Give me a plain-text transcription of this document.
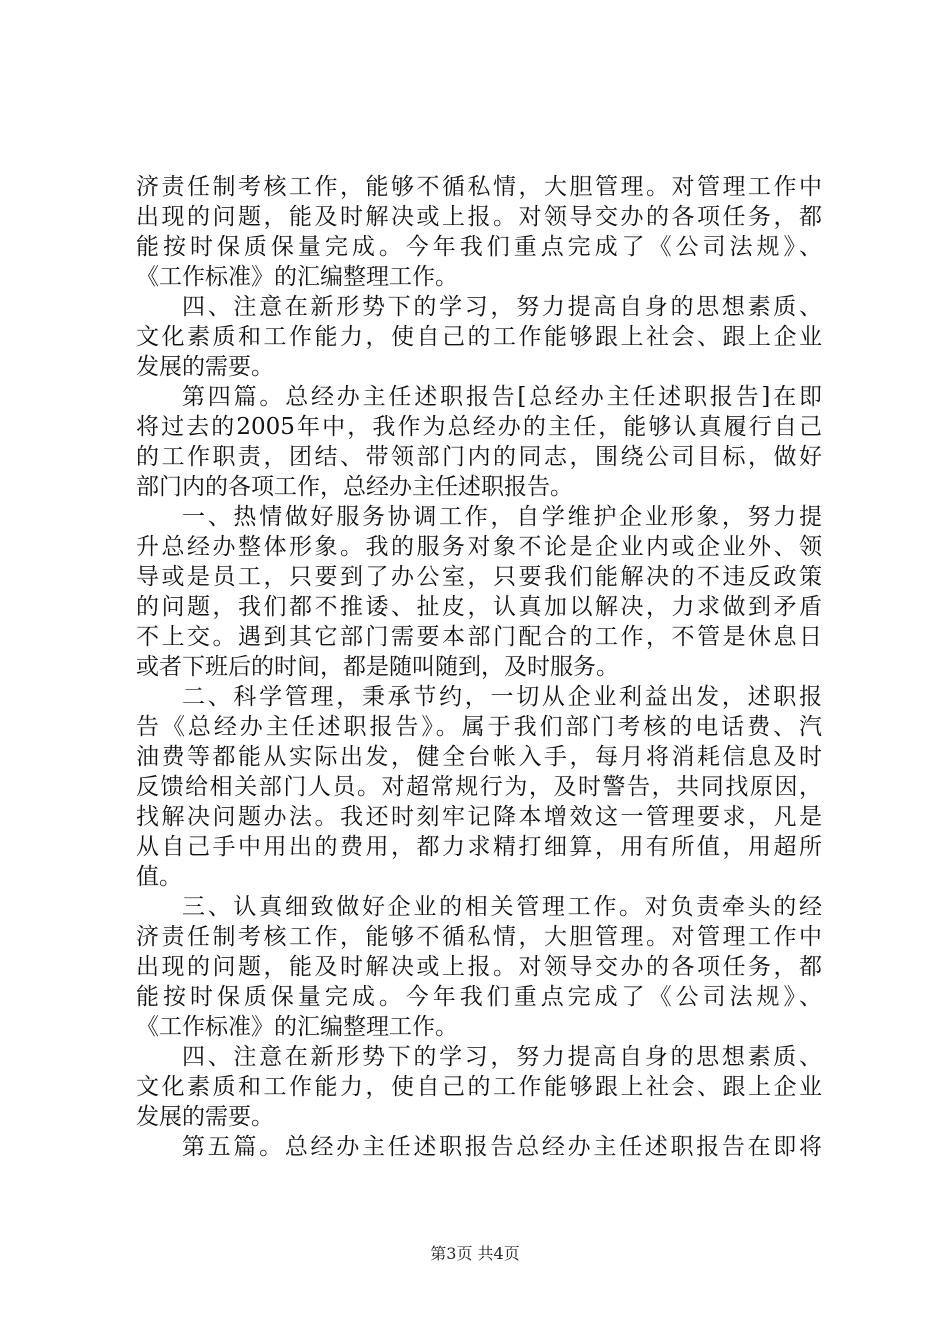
济责任制考核工作，能够不循私情，大胆管理。对管理工作中
出现的问题，能及时解决或上报。对领导交办的各项任务，都
能按时保质保量完成。今年我们重点完成了《公司法规》、
《工作标准》的汇编整理工作。
四、注意在新形势下的学习，努力提高自身的思想素质、
文化素质和工作能力，使自己的工作能够跟上社会、跟上企业
发展的需要。
第四篇。总经办主任述职报告[总经办主任述职报告]在即
将过去的2005年中，我作为总经办的主任，能够认真履行自己
的工作职责，团结、带领部门内的同志，围绕公司目标，做好
部门内的各项工作，总经办主任述职报告。
一、热情做好服务协调工作，自学维护企业形象，努力提
升总经办整体形象。我的服务对象不论是企业内或企业外、领
导或是员工，只要到了办公室，只要我们能解决的不违反政策
的问题，我们都不推诿、扯皮，认真加以解决，力求做到矛盾
不上交。遇到其它部门需要本部门配合的工作，不管是休息日
或者下班后的时间，都是随叫随到，及时服务。
二、科学管理，秉承节约，一切从企业利益出发，述职报
告《总经办主任述职报告》。属于我们部门考核的电话费、汽
油费等都能从实际出发，健全台帐入手，每月将消耗信息及时
反馈给相关部门人员。对超常规行为，及时警告，共同找原因，
找解决问题办法。我还时刻牢记降本增效这一管理要求，凡是
从自己手中用出的费用，都力求精打细算，用有所值，用超所
值。
三、认真细致做好企业的相关管理工作。对负责牵头的经
济责任制考核工作，能够不循私情，大胆管理。对管理工作中
出现的问题，能及时解决或上报。对领导交办的各项任务，都
能按时保质保量完成。今年我们重点完成了《公司法规》、
《工作标准》的汇编整理工作。
四、注意在新形势下的学习，努力提高自身的思想素质、
文化素质和工作能力，使自己的工作能够跟上社会、跟上企业
发展的需要。
第五篇。总经办主任述职报告总经办主任述职报告在即将
第3页 共4页
